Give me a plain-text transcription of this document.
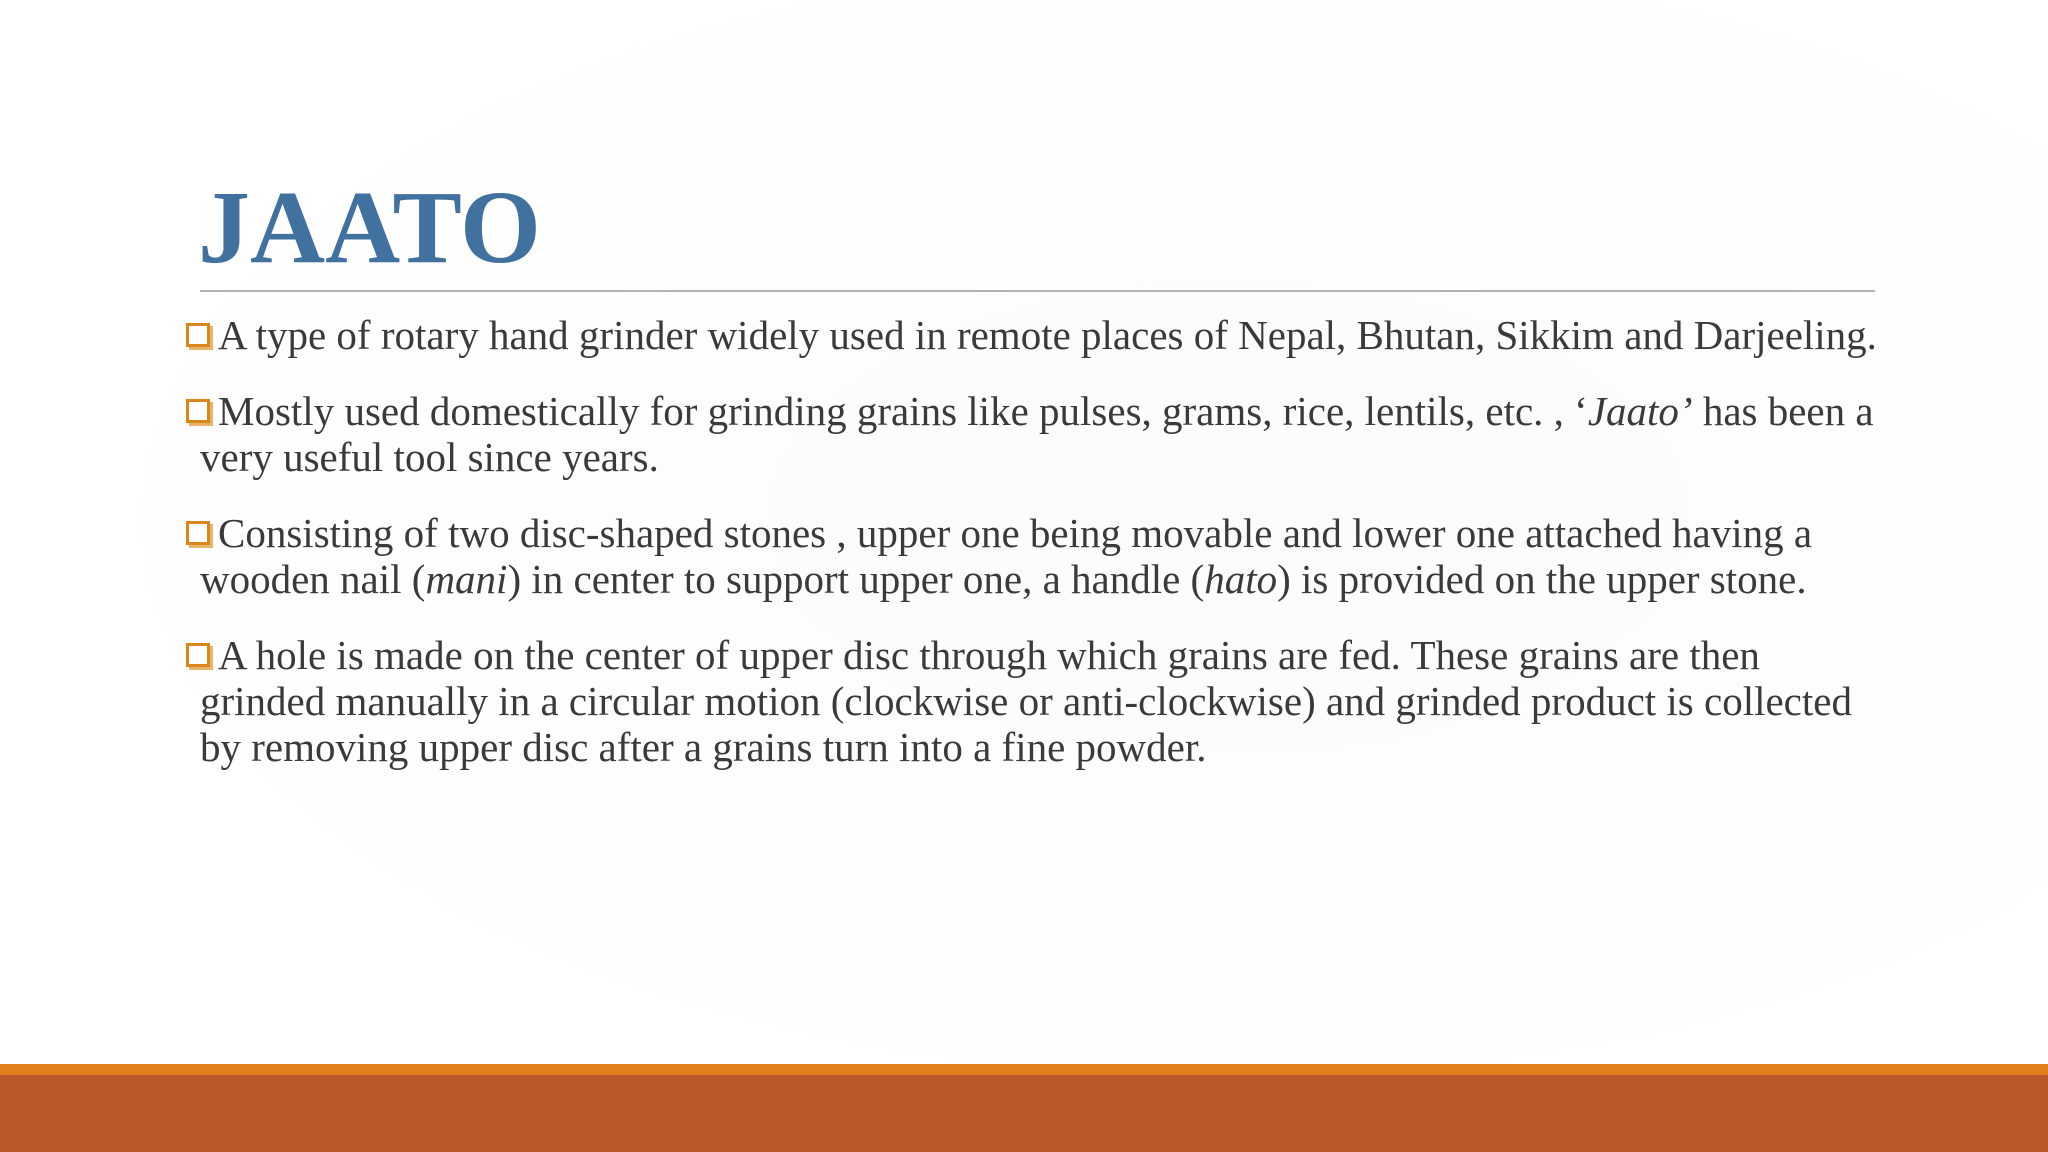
JAATO
A type of rotary hand grinder widely used in remote places of Nepal, Bhutan, Sikkim and Darjeeling.
Mostly used domestically for grinding grains like pulses, grams, rice, lentils, etc. , ‘Jaato’ has been a very useful tool since years.
Consisting of two disc-shaped stones , upper one being movable and lower one attached having a wooden nail (mani) in center to support upper one, a handle (hato) is provided on the upper stone.
A hole is made on the center of upper disc through which grains are fed. These grains are then grinded manually in a circular motion (clockwise or anti-clockwise) and grinded product is collected by removing upper disc after a grains turn into a fine powder.
